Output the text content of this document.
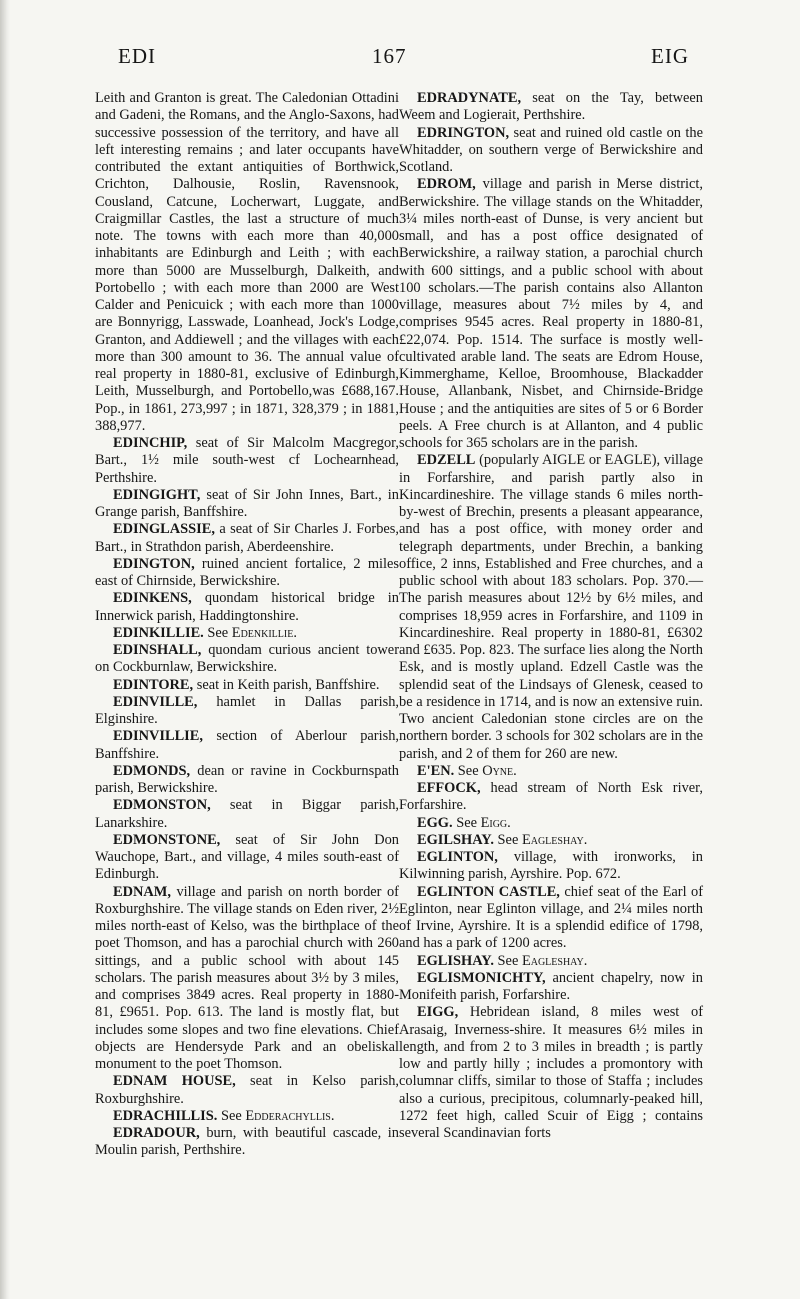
EDI	167	EIG

Leith and Granton is great. The Caledonian Ottadini and Gadeni, the Romans, and the Anglo-Saxons, had successive possession of the territory, and have all left interesting remains ; and later occupants have contributed the extant antiquities of Borthwick, Crichton, Dalhousie, Roslin, Ravensnook, Cousland, Catcune, Locherwart, Luggate, and Craigmillar Castles, the last a structure of much note. The towns with each more than 40,000 inhabitants are Edinburgh and Leith ; with each more than 5000 are Musselburgh, Dalkeith, and Portobello ; with each more than 2000 are West Calder and Penicuick ; with each more than 1000 are Bonnyrigg, Lasswade, Loanhead, Jock's Lodge, Granton, and Addiewell ; and the villages with each more than 300 amount to 36. The annual value of real property in 1880-81, exclusive of Edinburgh, Leith, Musselburgh, and Portobello,was £688,167. Pop., in 1861, 273,997 ; in 1871, 328,379 ; in 1881, 388,977.

EDINCHIP, seat of Sir Malcolm Macgregor, Bart., 1½ mile south-west cf Lochearnhead, Perthshire.

EDINGIGHT, seat of Sir John Innes, Bart., in Grange parish, Banffshire.

EDINGLASSIE, a seat of Sir Charles J. Forbes, Bart., in Strathdon parish, Aberdeenshire.

EDINGTON, ruined ancient fortalice, 2 miles east of Chirnside, Berwickshire.

EDINKENS, quondam historical bridge in Innerwick parish, Haddingtonshire.

EDINKILLIE. See Edenkillie.

EDINSHALL, quondam curious ancient tower on Cockburnlaw, Berwickshire.

EDINTORE, seat in Keith parish, Banffshire.

EDINVILLE, hamlet in Dallas parish, Elginshire.

EDINVILLIE, section of Aberlour parish, Banffshire.

EDMONDS, dean or ravine in Cockburnspath parish, Berwickshire.

EDMONSTON, seat in Biggar parish, Lanarkshire.

EDMONSTONE, seat of Sir John Don Wauchope, Bart., and village, 4 miles south-east of Edinburgh.

EDNAM, village and parish on north border of Roxburghshire. The village stands on Eden river, 2½ miles north-east of Kelso, was the birthplace of the poet Thomson, and has a parochial church with 260 sittings, and a public school with about 145 scholars. The parish measures about 3½ by 3 miles, and comprises 3849 acres. Real property in 1880-81, £9651. Pop. 613. The land is mostly flat, but includes some slopes and two fine elevations. Chief objects are Hendersyde Park and an obeliskal monument to the poet Thomson.

EDNAM HOUSE, seat in Kelso parish, Roxburghshire.

EDRACHILLIS. See Edderachyllis.

EDRADOUR, burn, with beautiful cascade, in Moulin parish, Perthshire.

EDRADYNATE, seat on the Tay, between Weem and Logierait, Perthshire.

EDRINGTON, seat and ruined old castle on the Whitadder, on southern verge of Berwickshire and Scotland.

EDROM, village and parish in Merse district, Berwickshire. The village stands on the Whitadder, 3¼ miles north-east of Dunse, is very ancient but small, and has a post office designated of Berwickshire, a railway station, a parochial church with 600 sittings, and a public school with about 100 scholars.—The parish contains also Allanton village, measures about 7½ miles by 4, and comprises 9545 acres. Real property in 1880-81, £22,074. Pop. 1514. The surface is mostly well-cultivated arable land. The seats are Edrom House, Kimmerghame, Kelloe, Broomhouse, Blackadder House, Allanbank, Nisbet, and Chirnside-Bridge House ; and the antiquities are sites of 5 or 6 Border peels. A Free church is at Allanton, and 4 public schools for 365 scholars are in the parish.

EDZELL (popularly AIGLE or EAGLE), village in Forfarshire, and parish partly also in Kincardineshire. The village stands 6 miles north-by-west of Brechin, presents a pleasant appearance, and has a post office, with money order and telegraph departments, under Brechin, a banking office, 2 inns, Established and Free churches, and a public school with about 183 scholars. Pop. 370.—The parish measures about 12½ by 6½ miles, and comprises 18,959 acres in Forfarshire, and 1109 in Kincardineshire. Real property in 1880-81, £6302 and £635. Pop. 823. The surface lies along the North Esk, and is mostly upland. Edzell Castle was the splendid seat of the Lindsays of Glenesk, ceased to be a residence in 1714, and is now an extensive ruin. Two ancient Caledonian stone circles are on the northern border. 3 schools for 302 scholars are in the parish, and 2 of them for 260 are new.

E'EN. See Oyne.

EFFOCK, head stream of North Esk river, Forfarshire.

EGG. See Eigg.

EGILSHAY. See Eagleshay.

EGLINTON, village, with ironworks, in Kilwinning parish, Ayrshire. Pop. 672.

EGLINTON CASTLE, chief seat of the Earl of Eglinton, near Eglinton village, and 2¼ miles north of Irvine, Ayrshire. It is a splendid edifice of 1798, and has a park of 1200 acres.

EGLISHAY. See Eagleshay.

EGLISMONICHTY, ancient chapelry, now in Monifeith parish, Forfarshire.

EIGG, Hebridean island, 8 miles west of Arasaig, Inverness-shire. It measures 6½ miles in length, and from 2 to 3 miles in breadth ; is partly low and partly hilly ; includes a promontory with columnar cliffs, similar to those of Staffa ; includes also a curious, precipitous, columnarly-peaked hill, 1272 feet high, called Scuir of Eigg ; contains several Scandinavian forts
